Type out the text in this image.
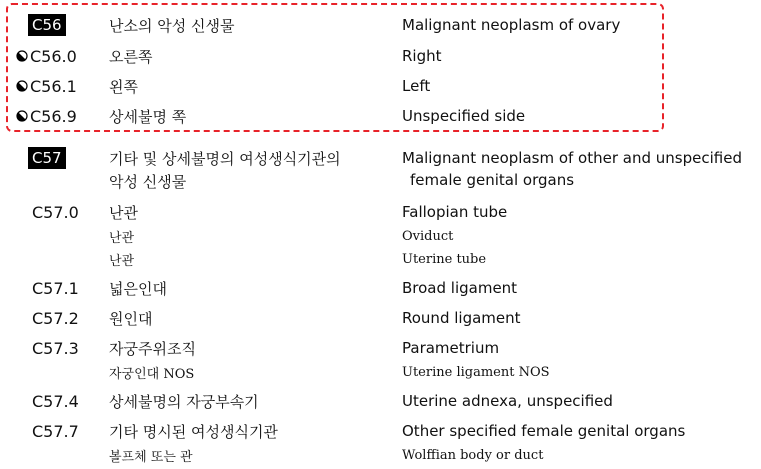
C56	난소의 악성 신생물	Malignant neoplasm of ovary
C56.0 오른쪽	Right
C56.1 왼쪽	Left
C56.9 상세불명 쪽	Unspecified side
C57	기타 및 상세불명의 여성생식기관의	Malignant neoplasm of other and unspecified
악성 신생물	female genital organs
C57.0 난관	Fallopian tube
난관	Oviduct
난관	Uterine tube
C57.1 넓은인대	Broad ligament
C57.2 원인대	Round ligament
C57.3 자궁주위조직	Parametrium
자궁인대 NOS	Uterine ligament NOS
C57.4 상세불명의 자궁부속기	Uterine adnexa, unspecified
C57.7 기타 명시된 여성생식기관	Other specified female genital organs
볼프체 또는 관	Wolffian body or duct
